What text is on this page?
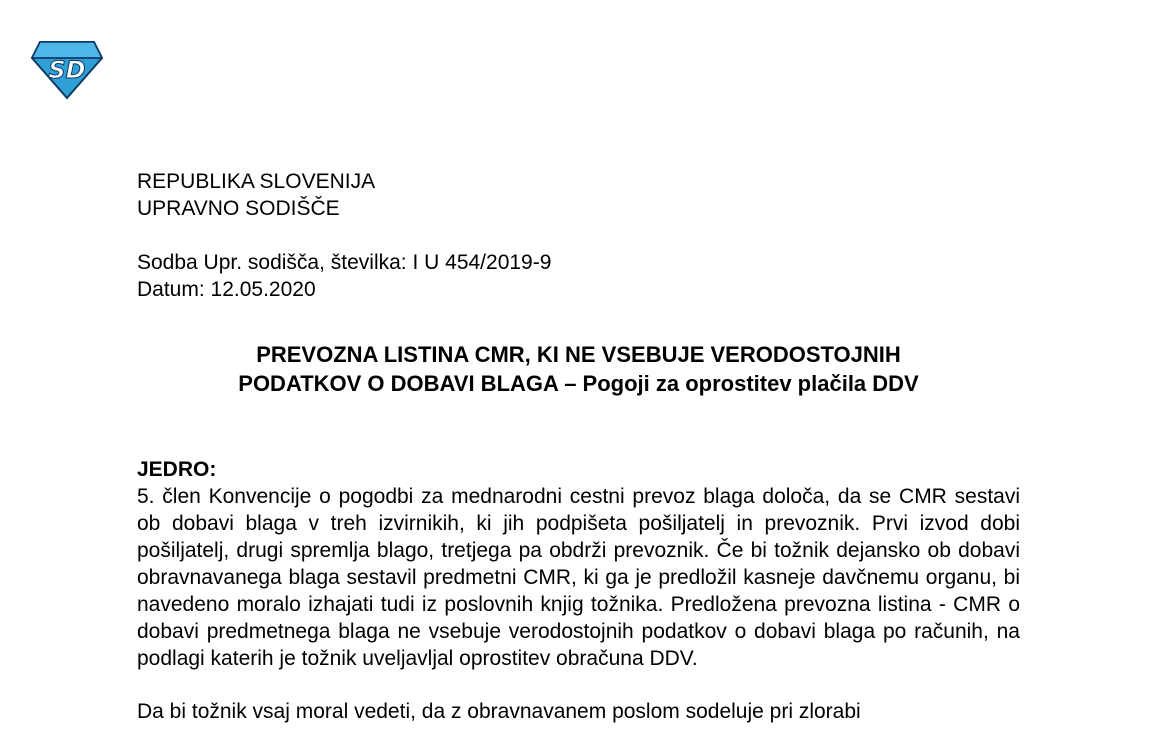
SD

REPUBLIKA SLOVENIJA

UPRAVNO SODIŠČE

Sodba Upr. sodišča, številka: I U 454/2019-9

Datum: 12.05.2020

PREVOZNA LISTINA CMR, KI NE VSEBUJE VERODOSTOJNIH
PODATKOV O DOBAVI BLAGA – Pogoji za oprostitev plačila DDV
JEDRO:

5. člen Konvencije o pogodbi za mednarodni cestni prevoz blaga določa, da se CMR sestavi ob dobavi blaga v treh izvirnikih, ki jih podpišeta pošiljatelj in prevoznik. Prvi izvod dobi pošiljatelj, drugi spremlja blago, tretjega pa obdrži prevoznik. Če bi tožnik dejansko ob dobavi obravnavanega blaga sestavil predmetni CMR, ki ga je predložil kasneje davčnemu organu, bi navedeno moralo izhajati tudi iz poslovnih knjig tožnika. Predložena prevozna listina - CMR o dobavi predmetnega blaga ne vsebuje verodostojnih podatkov o dobavi blaga po računih, na podlagi katerih je tožnik uveljavljal oprostitev obračuna DDV.

Da bi tožnik vsaj moral vedeti, da z obravnavanem poslom sodeluje pri zlorabi
